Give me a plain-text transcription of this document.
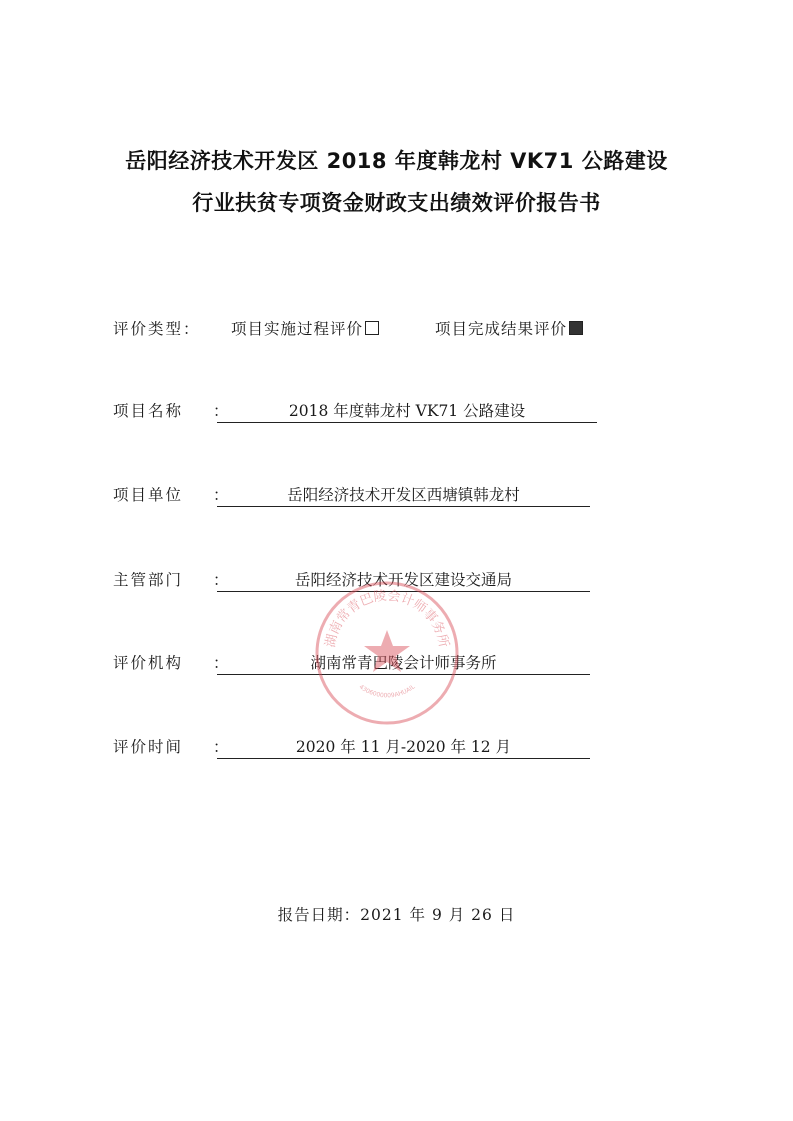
岳阳经济技术开发区 2018 年度韩龙村 VK71 公路建设
行业扶贫专项资金财政支出绩效评价报告书
评价类型： 项目实施过程评价	项目完成结果评价
项目名称 ：	2018 年度韩龙村 VK71 公路建设
项目单位 ：	岳阳经济技术开发区西塘镇韩龙村
主管部门 ：	岳阳经济技术开发区建设交通局
评价机构 ：	湖南常青巴陵会计师事务所
评价时间 ：	2020 年 11 月-2020 年 12 月
湖南常青巴陵会计师事务所
4306000009AHUAIL
报告日期：2021 年 9 月 26 日
